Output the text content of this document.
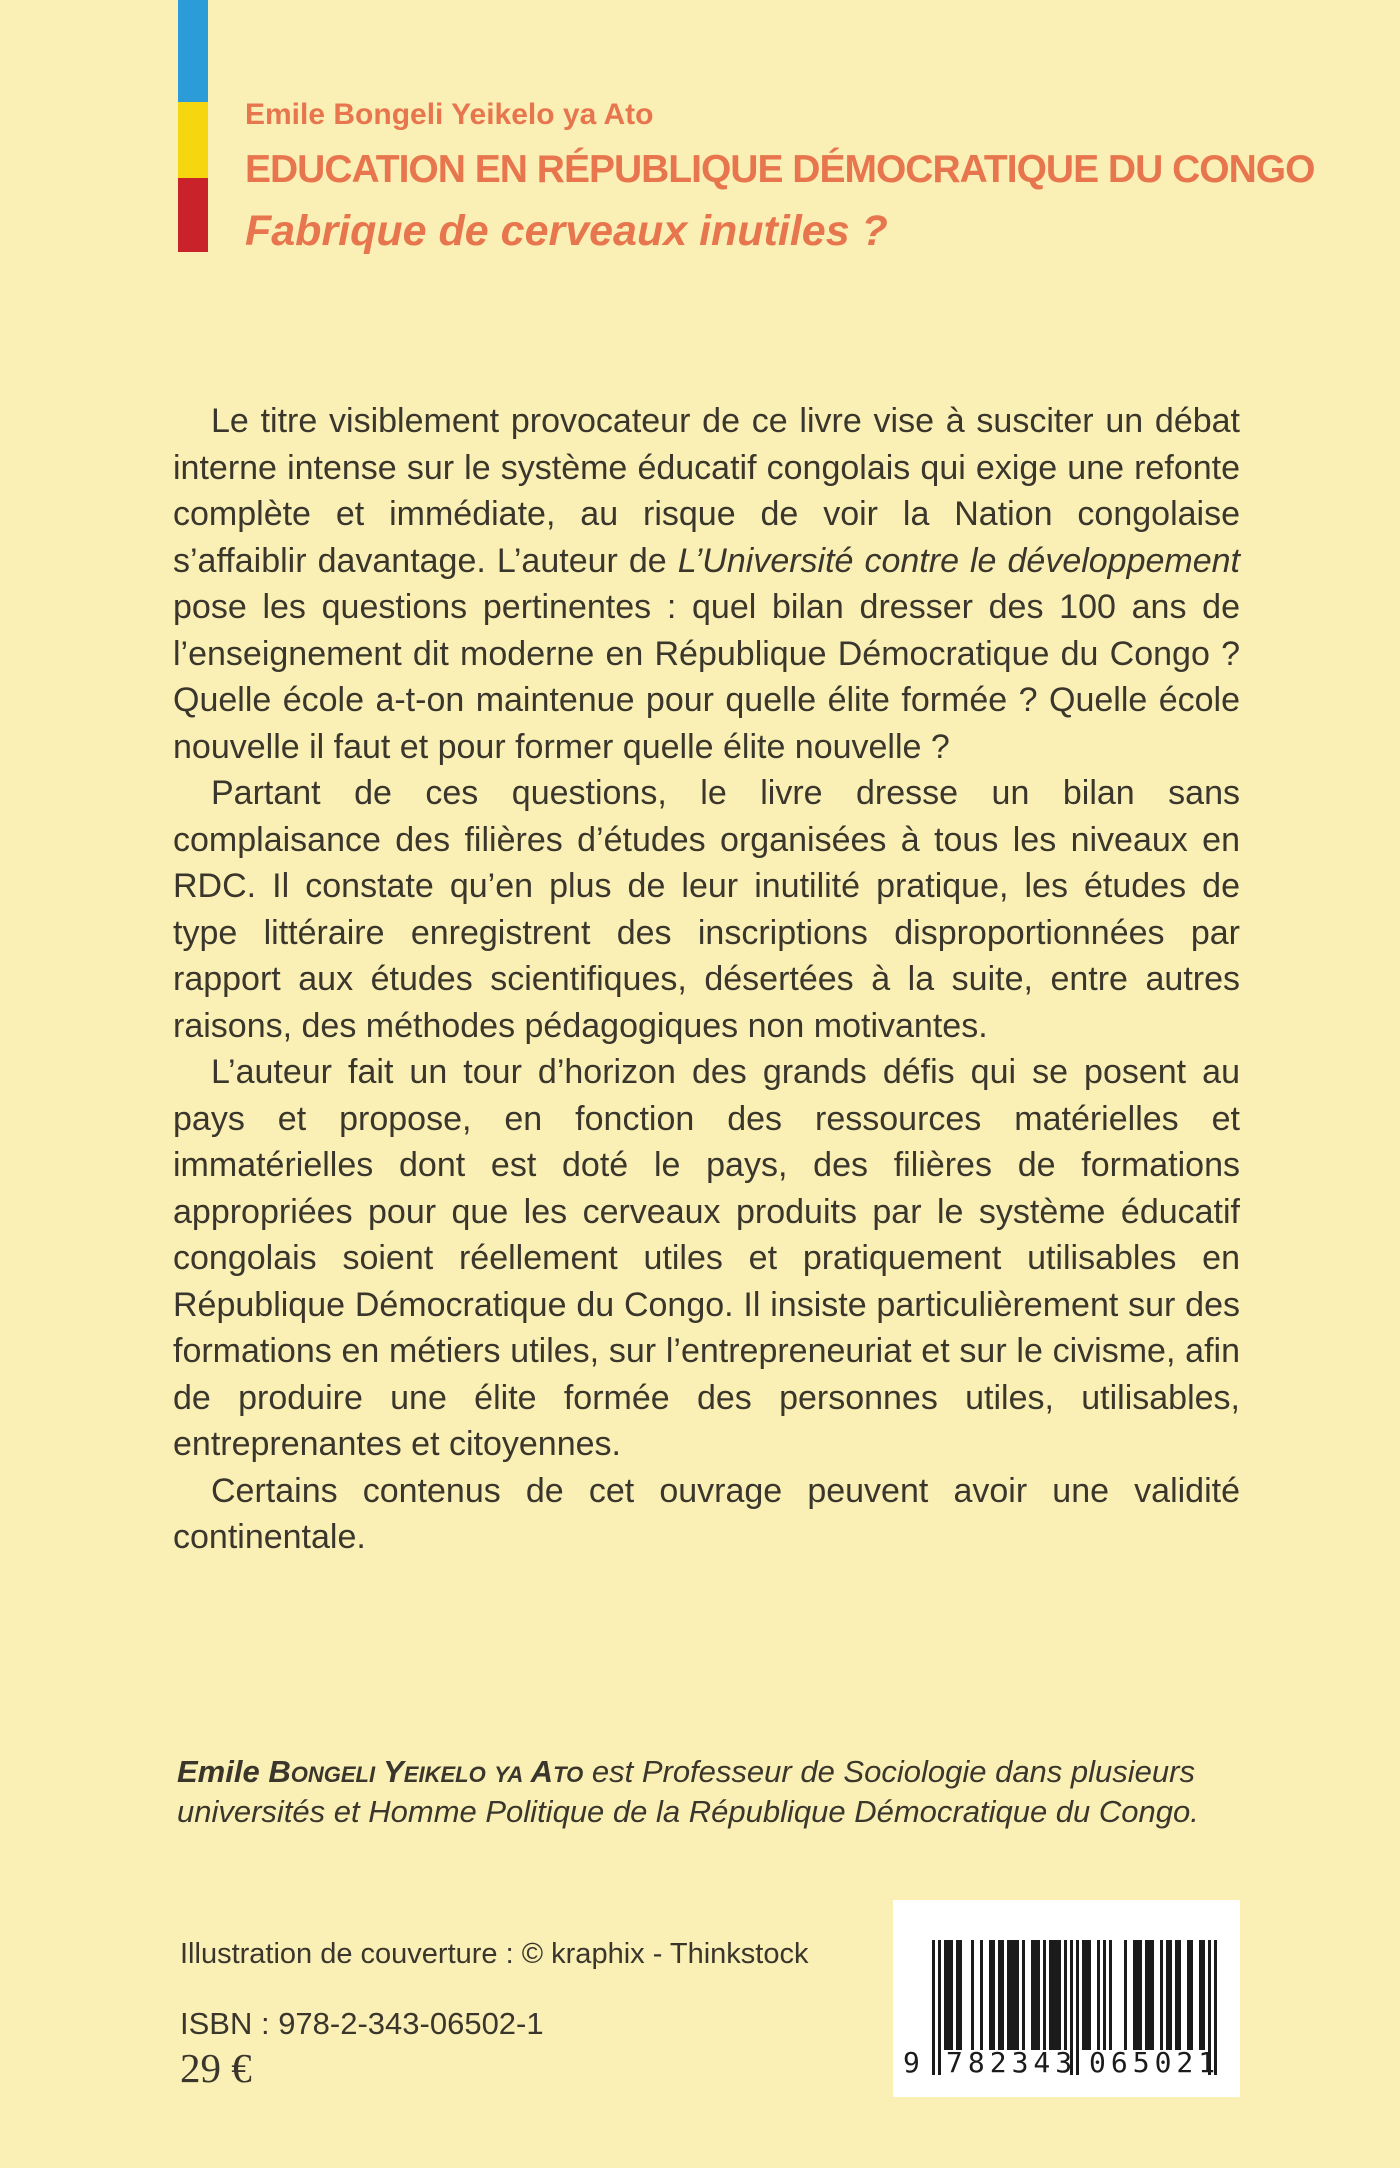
Emile Bongeli Yeikelo ya Ato
EDUCATION EN RÉPUBLIQUE DÉMOCRATIQUE DU CONGO
Fabrique de cerveaux inutiles ?

Le titre visiblement provocateur de ce livre vise à susciter un débat interne intense sur le système éducatif congolais qui exige une refonte complète et immédiate, au risque de voir la Nation congolaise s’affaiblir davantage. L’auteur de L’Université contre le développement pose les questions pertinentes : quel bilan dresser des 100 ans de l’enseignement dit moderne en République Démocratique du Congo ? Quelle école a-t-on maintenue pour quelle élite formée ? Quelle école nouvelle il faut et pour former quelle élite nouvelle ?

Partant de ces questions, le livre dresse un bilan sans complaisance des filières d’études organisées à tous les niveaux en RDC. Il constate qu’en plus de leur inutilité pratique, les études de type littéraire enregistrent des inscriptions disproportionnées par rapport aux études scientifiques, désertées à la suite, entre autres raisons, des méthodes pédagogiques non motivantes.

L’auteur fait un tour d’horizon des grands défis qui se posent au pays et propose, en fonction des ressources matérielles et immatérielles dont est doté le pays, des filières de formations appropriées pour que les cerveaux produits par le système éducatif congolais soient réellement utiles et pratiquement utilisables en République Démocratique du Congo. Il insiste particulièrement sur des formations en métiers utiles, sur l’entrepreneuriat et sur le civisme, afin de produire une élite formée des personnes utiles, utilisables, entreprenantes et citoyennes.

Certains contenus de cet ouvrage peuvent avoir une validité continentale.

Emile Bongeli Yeikelo ya Ato est Professeur de Sociologie dans plusieurs universités et Homme Politique de la République Démocratique du Congo.
Illustration de couverture : © kraphix - Thinkstock
ISBN : 978-2-343-06502-1
29 €	9 782343 065021
